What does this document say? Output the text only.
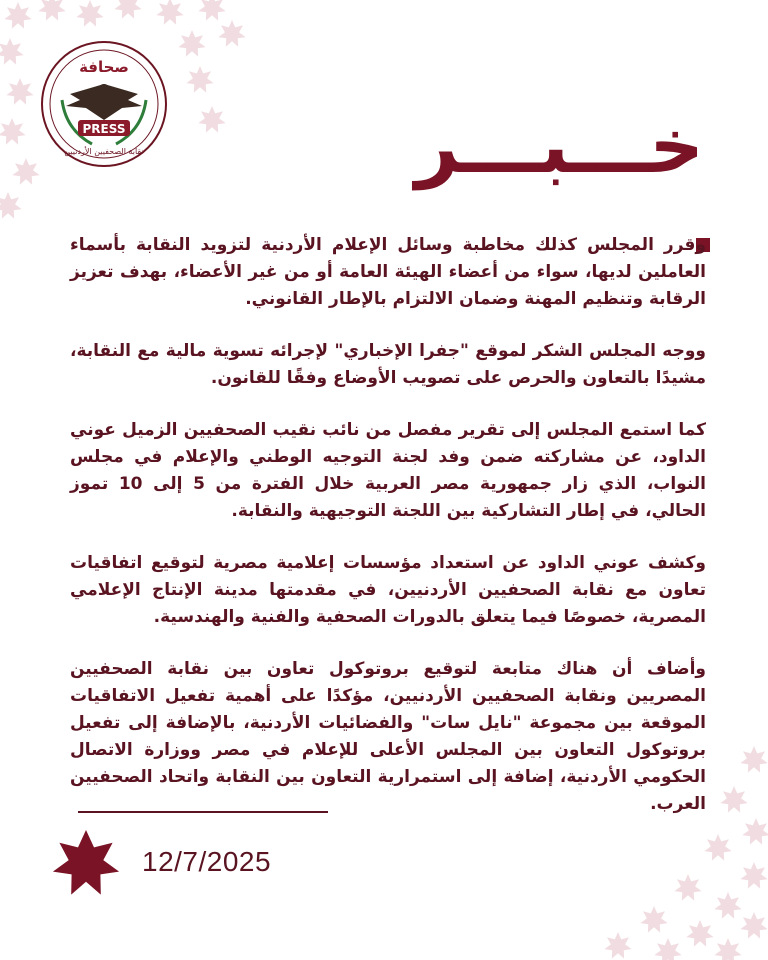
صحافة
PRESS
نقابة الصحفيين الأردنيين	خـــبـــر

وقرر المجلس كذلك مخاطبة وسائل الإعلام الأردنية لتزويد النقابة بأسماء العاملين لديها، سواء من أعضاء الهيئة العامة أو من غير الأعضاء، بهدف تعزيز الرقابة وتنظيم المهنة وضمان الالتزام بالإطار القانوني.

ووجه المجلس الشكر لموقع "جفرا الإخباري" لإجرائه تسوية مالية مع النقابة، مشيدًا بالتعاون والحرص على تصويب الأوضاع وفقًا للقانون.

كما استمع المجلس إلى تقرير مفصل من نائب نقيب الصحفيين الزميل عوني الداود، عن مشاركته ضمن وفد لجنة التوجيه الوطني والإعلام في مجلس النواب، الذي زار جمهورية مصر العربية خلال الفترة من 5 إلى 10 تموز الحالي، في إطار التشاركية بين اللجنة التوجيهية والنقابة.

وكشف عوني الداود عن استعداد مؤسسات إعلامية مصرية لتوقيع اتفاقيات تعاون مع نقابة الصحفيين الأردنيين، في مقدمتها مدينة الإنتاج الإعلامي المصرية، خصوصًا فيما يتعلق بالدورات الصحفية والفنية والهندسية.

وأضاف أن هناك متابعة لتوقيع بروتوكول تعاون بين نقابة الصحفيين المصريين ونقابة الصحفيين الأردنيين، مؤكدًا على أهمية تفعيل الاتفاقيات الموقعة بين مجموعة "نايل سات" والفضائيات الأردنية، بالإضافة إلى تفعيل بروتوكول التعاون بين المجلس الأعلى للإعلام في مصر ووزارة الاتصال الحكومي الأردنية، إضافة إلى استمرارية التعاون بين النقابة واتحاد الصحفيين العرب.

12/7/2025
